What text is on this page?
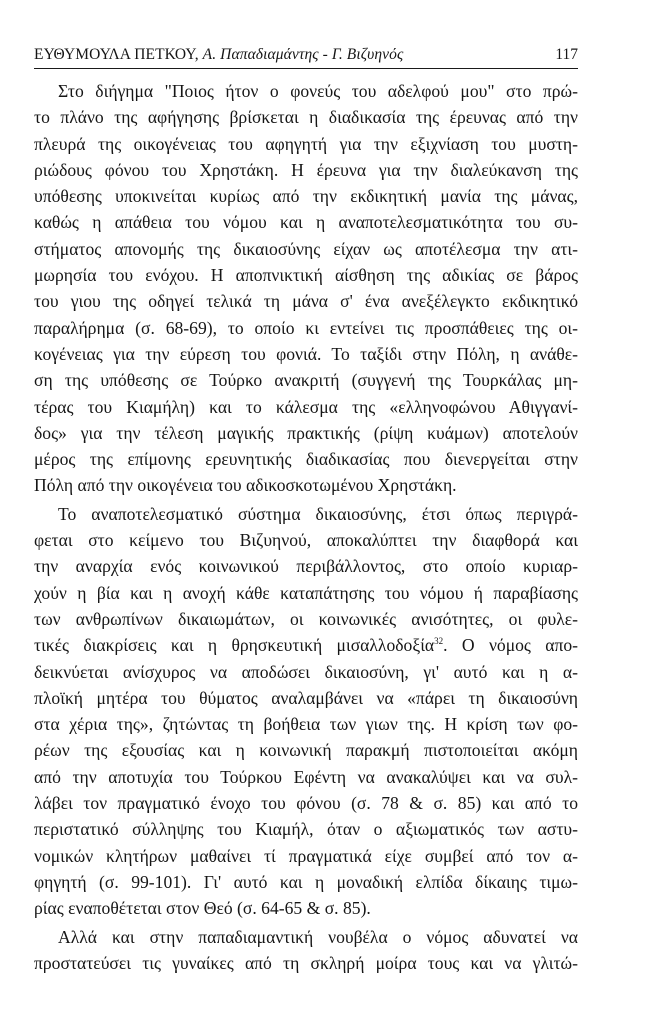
ΕΥΘΥΜΟΥΛΑ ΠΕΤΚΟΥ, Α. Παπαδιαμάντης - Γ. Βιζυηνός	117
Στο διήγημα "Ποιος ήτον ο φονεύς του αδελφού μου" στο πρώ-
το πλάνο της αφήγησης βρίσκεται η διαδικασία της έρευνας από την
πλευρά της οικογένειας του αφηγητή για την εξιχνίαση του μυστη-
ριώδους φόνου του Χρηστάκη. Η έρευνα για την διαλεύκανση της
υπόθεσης υποκινείται κυρίως από την εκδικητική μανία της μάνας,
καθώς η απάθεια του νόμου και η αναποτελεσματικότητα του συ-
στήματος απονομής της δικαιοσύνης είχαν ως αποτέλεσμα την ατι-
μωρησία του ενόχου. Η αποπνικτική αίσθηση της αδικίας σε βάρος
του γιου της οδηγεί τελικά τη μάνα σ' ένα ανεξέλεγκτο εκδικητικό
παραλήρημα (σ. 68-69), το οποίο κι εντείνει τις προσπάθειες της οι-
κογένειας για την εύρεση του φονιά. Το ταξίδι στην Πόλη, η ανάθε-
ση της υπόθεσης σε Τούρκο ανακριτή (συγγενή της Τουρκάλας μη-
τέρας του Κιαμήλη) και το κάλεσμα της «ελληνοφώνου Αθιγγανί-
δος» για την τέλεση μαγικής πρακτικής (ρίψη κυάμων) αποτελούν
μέρος της επίμονης ερευνητικής διαδικασίας που διενεργείται στην
Πόλη από την οικογένεια του αδικοσκοτωμένου Χρηστάκη.
Το αναποτελεσματικό σύστημα δικαιοσύνης, έτσι όπως περιγρά-
φεται στο κείμενο του Βιζυηνού, αποκαλύπτει την διαφθορά και
την αναρχία ενός κοινωνικού περιβάλλοντος, στο οποίο κυριαρ-
χούν η βία και η ανοχή κάθε καταπάτησης του νόμου ή παραβίασης
των ανθρωπίνων δικαιωμάτων, οι κοινωνικές ανισότητες, οι φυλε-
τικές διακρίσεις και η θρησκευτική μισαλλοδοξία$^{32}$. Ο νόμος απο-
δεικνύεται ανίσχυρος να αποδώσει δικαιοσύνη, γι' αυτό και η α-
πλοϊκή μητέρα του θύματος αναλαμβάνει να «πάρει τη δικαιοσύνη
στα χέρια της», ζητώντας τη βοήθεια των γιων της. Η κρίση των φο-
ρέων της εξουσίας και η κοινωνική παρακμή πιστοποιείται ακόμη
από την αποτυχία του Τούρκου Εφέντη να ανακαλύψει και να συλ-
λάβει τον πραγματικό ένοχο του φόνου (σ. 78 & σ. 85) και από το
περιστατικό σύλληψης του Κιαμήλ, όταν ο αξιωματικός των αστυ-
νομικών κλητήρων μαθαίνει τί πραγματικά είχε συμβεί από τον α-
φηγητή (σ. 99-101). Γι' αυτό και η μοναδική ελπίδα δίκαιης τιμω-
ρίας εναποθέτεται στον Θεό (σ. 64-65 & σ. 85).
Αλλά και στην παπαδιαμαντική νουβέλα ο νόμος αδυνατεί να
προστατεύσει τις γυναίκες από τη σκληρή μοίρα τους και να γλιτώ-
